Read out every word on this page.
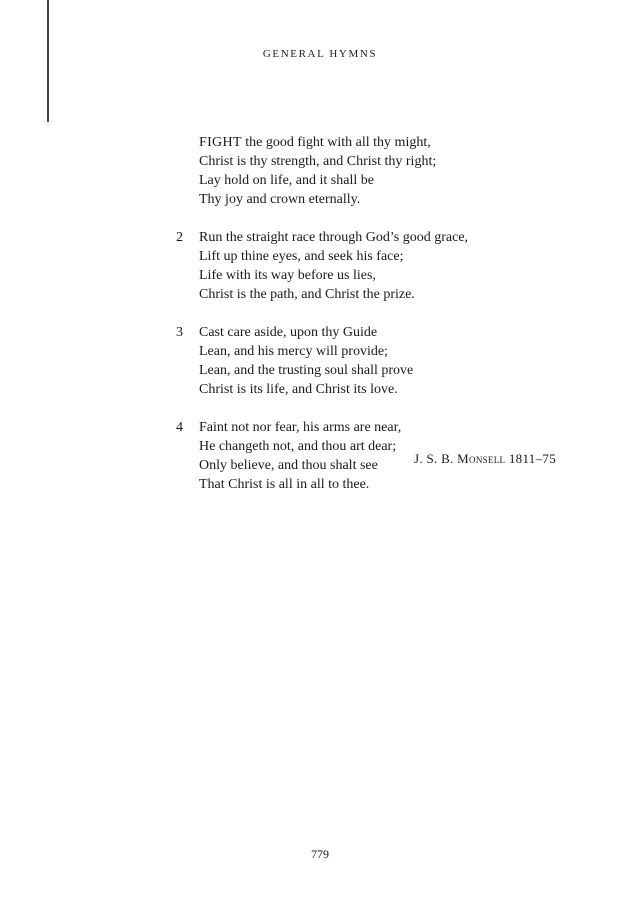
GENERAL HYMNS
FIGHT the good fight with all thy might,
Christ is thy strength, and Christ thy right;
Lay hold on life, and it shall be
Thy joy and crown eternally.
2 Run the straight race through God’s good grace,
Lift up thine eyes, and seek his face;
Life with its way before us lies,
Christ is the path, and Christ the prize.
3 Cast care aside, upon thy Guide
Lean, and his mercy will provide;
Lean, and the trusting soul shall prove
Christ is its life, and Christ its love.
4 Faint not nor fear, his arms are near,
He changeth not, and thou art dear;
Only believe, and thou shalt see
That Christ is all in all to thee.
J. S. B. Monsell 1811–75
779
